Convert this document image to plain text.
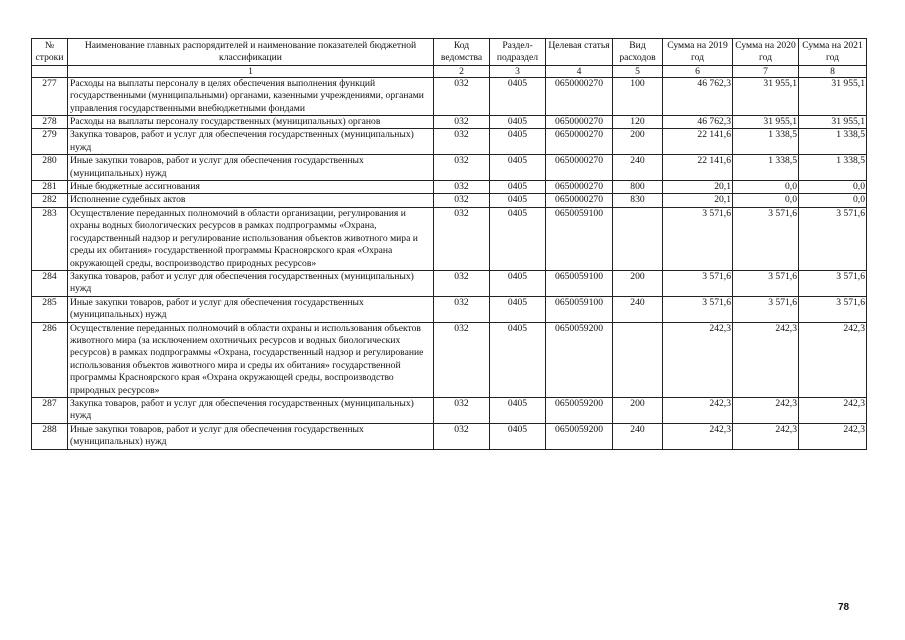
№ строки	Наименование главных распорядителей и наименование показателей бюджетной классификации	Код ведомства	Раздел-подраздел	Целевая статья	Вид расходов	Сумма на 2019 год	Сумма на 2020 год	Сумма на 2021 год
	1	2	3	4	5	6	7	8
277	Расходы на выплаты персоналу в целях обеспечения выполнения функций государственными (муниципальными) органами, казенными учреждениями, органами управления государственными внебюджетными фондами	032	0405	0650000270	100	46 762,3	31 955,1	31 955,1
278	Расходы на выплаты персоналу государственных (муниципальных) органов	032	0405	0650000270	120	46 762,3	31 955,1	31 955,1
279	Закупка товаров, работ и услуг для обеспечения государственных (муниципальных) нужд	032	0405	0650000270	200	22 141,6	1 338,5	1 338,5
280	Иные закупки товаров, работ и услуг для обеспечения государственных (муниципальных) нужд	032	0405	0650000270	240	22 141,6	1 338,5	1 338,5
281	Иные бюджетные ассигнования	032	0405	0650000270	800	20,1	0,0	0,0
282	Исполнение судебных актов	032	0405	0650000270	830	20,1	0,0	0,0
283	Осуществление переданных полномочий в области организации, регулирования и охраны водных биологических ресурсов в рамках подпрограммы «Охрана, государственный надзор и регулирование использования объектов животного мира и среды их обитания» государственной программы Красноярского края «Охрана окружающей среды, воспроизводство природных ресурсов»	032	0405	0650059100		3 571,6	3 571,6	3 571,6
284	Закупка товаров, работ и услуг для обеспечения государственных (муниципальных) нужд	032	0405	0650059100	200	3 571,6	3 571,6	3 571,6
285	Иные закупки товаров, работ и услуг для обеспечения государственных (муниципальных) нужд	032	0405	0650059100	240	3 571,6	3 571,6	3 571,6
286	Осуществление переданных полномочий в области охраны и использования объектов животного мира (за исключением охотничьих ресурсов и водных биологических ресурсов) в рамках подпрограммы «Охрана, государственный надзор и регулирование использования объектов животного мира и среды их обитания» государственной программы Красноярского края «Охрана окружающей среды, воспроизводство природных ресурсов»	032	0405	0650059200		242,3	242,3	242,3
287	Закупка товаров, работ и услуг для обеспечения государственных (муниципальных) нужд	032	0405	0650059200	200	242,3	242,3	242,3
288	Иные закупки товаров, работ и услуг для обеспечения государственных (муниципальных) нужд	032	0405	0650059200	240	242,3	242,3	242,3
78
